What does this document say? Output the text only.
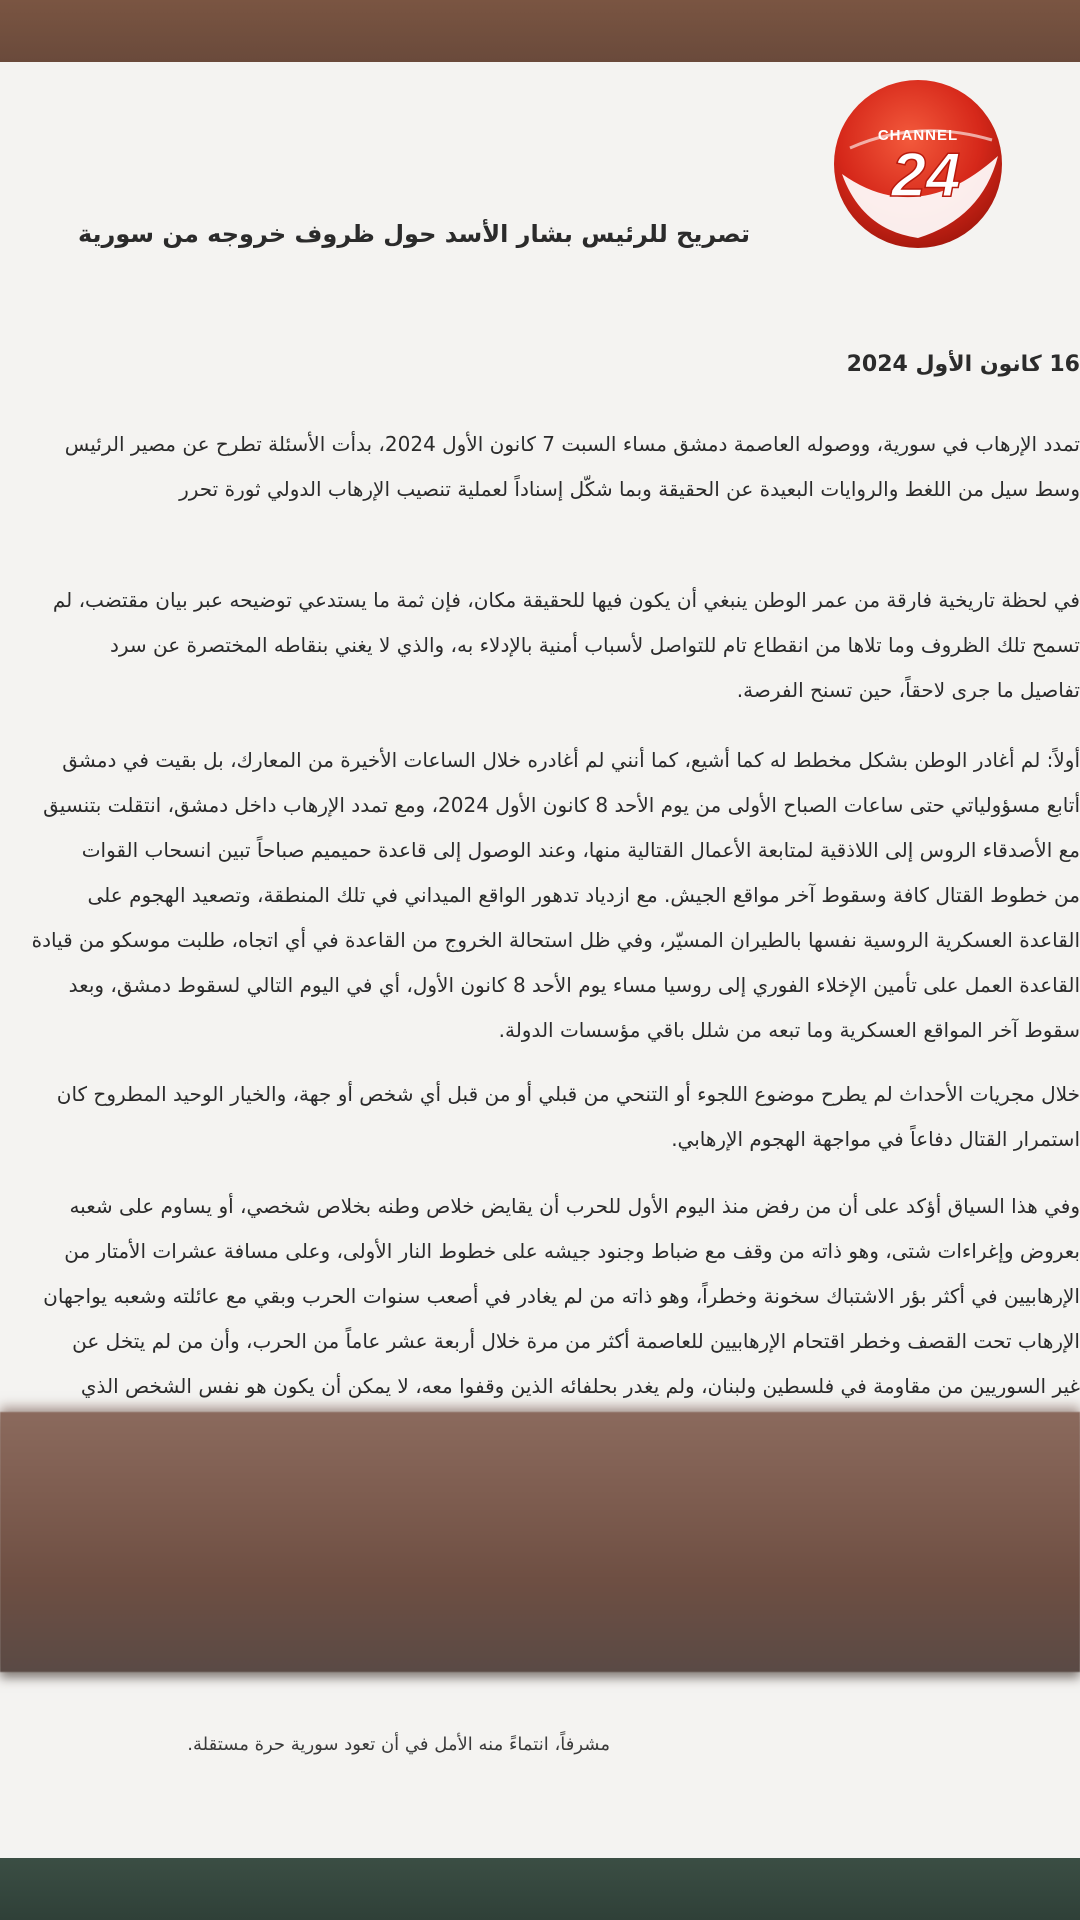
تصريح للرئيس بشار الأسد حول ظروف خروجه من سورية
16 كانون الأول 2024
تمدد الإرهاب في سورية، ووصوله العاصمة دمشق مساء السبت 7 كانون الأول 2024، بدأت الأسئلة تطرح عن مصير الرئيس
وسط سيل من اللغط والروايات البعيدة عن الحقيقة وبما شكّل إسناداً لعملية تنصيب الإرهاب الدولي ثورة تحرر
في لحظة تاريخية فارقة من عمر الوطن ينبغي أن يكون فيها للحقيقة مكان، فإن ثمة ما يستدعي توضيحه عبر بيان مقتضب، لم
تسمح تلك الظروف وما تلاها من انقطاع تام للتواصل لأسباب أمنية بالإدلاء به، والذي لا يغني بنقاطه المختصرة عن سرد
تفاصيل ما جرى لاحقاً، حين تسنح الفرصة.
أولاً: لم أغادر الوطن بشكل مخطط له كما أشيع، كما أنني لم أغادره خلال الساعات الأخيرة من المعارك، بل بقيت في دمشق
أتابع مسؤولياتي حتى ساعات الصباح الأولى من يوم الأحد 8 كانون الأول 2024، ومع تمدد الإرهاب داخل دمشق، انتقلت بتنسيق
مع الأصدقاء الروس إلى اللاذقية لمتابعة الأعمال القتالية منها، وعند الوصول إلى قاعدة حميميم صباحاً تبين انسحاب القوات
من خطوط القتال كافة وسقوط آخر مواقع الجيش. مع ازدياد تدهور الواقع الميداني في تلك المنطقة، وتصعيد الهجوم على
القاعدة العسكرية الروسية نفسها بالطيران المسيّر، وفي ظل استحالة الخروج من القاعدة في أي اتجاه، طلبت موسكو من قيادة
القاعدة العمل على تأمين الإخلاء الفوري إلى روسيا مساء يوم الأحد 8 كانون الأول، أي في اليوم التالي لسقوط دمشق، وبعد
سقوط آخر المواقع العسكرية وما تبعه من شلل باقي مؤسسات الدولة.
خلال مجريات الأحداث لم يطرح موضوع اللجوء أو التنحي من قبلي أو من قبل أي شخص أو جهة، والخيار الوحيد المطروح كان
استمرار القتال دفاعاً في مواجهة الهجوم الإرهابي.
وفي هذا السياق أؤكد على أن من رفض منذ اليوم الأول للحرب أن يقايض خلاص وطنه بخلاص شخصي، أو يساوم على شعبه
بعروض وإغراءات شتى، وهو ذاته من وقف مع ضباط وجنود جيشه على خطوط النار الأولى، وعلى مسافة عشرات الأمتار من
الإرهابيين في أكثر بؤر الاشتباك سخونة وخطراً، وهو ذاته من لم يغادر في أصعب سنوات الحرب وبقي مع عائلته وشعبه يواجهان
الإرهاب تحت القصف وخطر اقتحام الإرهابيين للعاصمة أكثر من مرة خلال أربعة عشر عاماً من الحرب، وأن من لم يتخل عن
غير السوريين من مقاومة في فلسطين ولبنان، ولم يغدر بحلفائه الذين وقفوا معه، لا يمكن أن يكون هو نفس الشخص الذي
مشرفاً، انتماءً منه الأمل في أن تعود سورية حرة مستقلة.
CHANNEL
24
